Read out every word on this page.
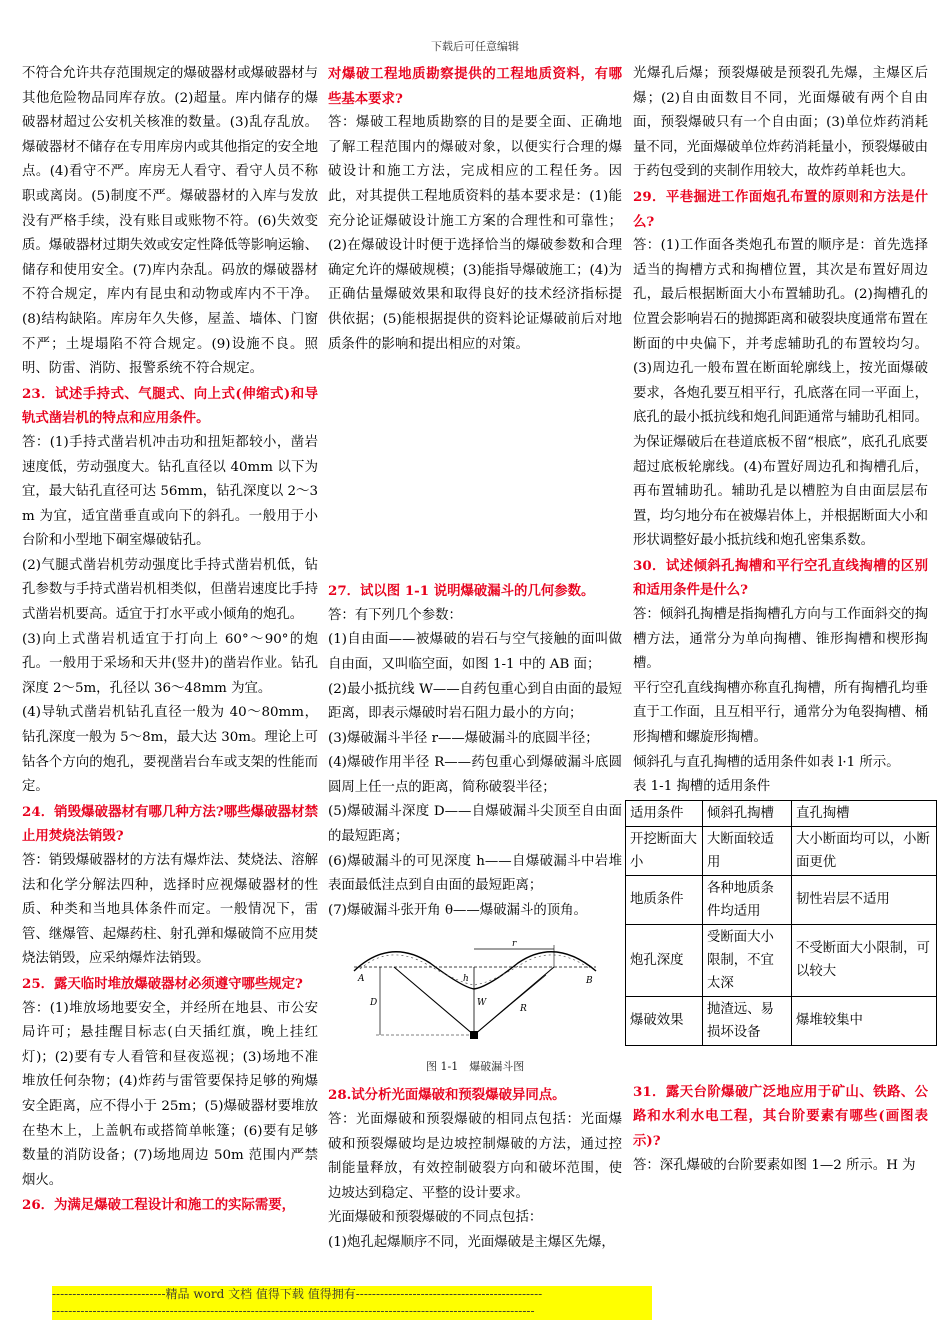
下载后可任意编辑

不符合允许共存范围规定的爆破器材或爆破器材与其他危险物品同库存放。(2)超量。库内储存的爆破器材超过公安机关核准的数量。(3)乱存乱放。爆破器材不储存在专用库房内或其他指定的安全地点。(4)看守不严。库房无人看守、看守人员不称职或离岗。(5)制度不严。爆破器材的入库与发放没有严格手续，没有账目或账物不符。(6)失效变质。爆破器材过期失效或安定性降低等影响运输、储存和使用安全。(7)库内杂乱。码放的爆破器材不符合规定，库内有昆虫和动物或库内不干净。(8)结构缺陷。库房年久失修，屋盖、墙体、门窗不严；土堤塌陷不符合规定。(9)设施不良。照明、防雷、消防、报警系统不符合规定。

23．试述手持式、气腿式、向上式(伸缩式)和导轨式凿岩机的特点和应用条件。

答：(1)手持式凿岩机冲击功和扭矩都较小，凿岩速度低，劳动强度大。钻孔直径以 40mm 以下为宜，最大钻孔直径可达 56mm，钻孔深度以 2～3m 为宜，适宜凿垂直或向下的斜孔。一般用于小台阶和小型地下硐室爆破钻孔。

(2)气腿式凿岩机劳动强度比手持式凿岩机低，钻孔参数与手持式凿岩机相类似，但凿岩速度比手持式凿岩机要高。适宜于打水平或小倾角的炮孔。

(3)向上式凿岩机适宜于打向上 60°～90°的炮孔。一般用于采场和天井(竖井)的凿岩作业。钻孔深度 2～5m，孔径以 36～48mm 为宜。

(4)导轨式凿岩机钻孔直径一般为 40～80mm，钻孔深度一般为 5～8m，最大达 30m。理论上可钻各个方向的炮孔，要视凿岩台车或支架的性能而定。

24．销毁爆破器材有哪几种方法?哪些爆破器材禁止用焚烧法销毁?

答：销毁爆破器材的方法有爆炸法、焚烧法、溶解法和化学分解法四种，选择时应视爆破器材的性质、种类和当地具体条件而定。一般情况下，雷管、继爆管、起爆药柱、射孔弹和爆破筒不应用焚烧法销毁，应采纳爆炸法销毁。

25．露天临时堆放爆破器材必须遵守哪些规定?

答：(1)堆放场地要安全，并经所在地县、市公安局许可；悬挂醒目标志(白天插红旗，晚上挂红灯)；(2)要有专人看管和昼夜巡视；(3)场地不准堆放任何杂物；(4)炸药与雷管要保持足够的殉爆安全距离，应不得小于 25m；(5)爆破器材要堆放在垫木上，上盖帆布或搭简单帐篷；(6)要有足够数量的消防设备；(7)场地周边 50m 范围内严禁烟火。

26．为满足爆破工程设计和施工的实际需要，

对爆破工程地质勘察提供的工程地质资料，有哪些基本要求?

答：爆破工程地质勘察的目的是要全面、正确地了解工程范围内的爆破对象，以便实行合理的爆破设计和施工方法，完成相应的工程任务。因此，对其提供工程地质资料的基本要求是：(1)能充分论证爆破设计施工方案的合理性和可靠性；(2)在爆破设计时便于选择恰当的爆破参数和合理确定允许的爆破规模；(3)能指导爆破施工；(4)为正确估量爆破效果和取得良好的技术经济指标提供依据；(5)能根据提供的资料论证爆破前后对地质条件的影响和提出相应的对策。

27．试以图 1-1 说明爆破漏斗的几何参数。

答：有下列几个参数：

(1)自由面——被爆破的岩石与空气接触的面叫做自由面，又叫临空面，如图 1-1 中的 AB 面；

(2)最小抵抗线 W——自药包重心到自由面的最短距离，即表示爆破时岩石阻力最小的方向；

(3)爆破漏斗半径 r——爆破漏斗的底圆半径；

(4)爆破作用半径 R——药包重心到爆破漏斗底圆圆周上任一点的距离，简称破裂半径；

(5)爆破漏斗深度 D——自爆破漏斗尖顶至自由面的最短距离；

(6)爆破漏斗的可见深度 h——自爆破漏斗中岩堆表面最低洼点到自由面的最短距离；

(7)爆破漏斗张开角 θ——爆破漏斗的顶角。

A	B
r
W
D
h
R
图 1-1　爆破漏斗图

28.试分析光面爆破和预裂爆破异同点。

答：光面爆破和预裂爆破的相同点包括：光面爆破和预裂爆破均是边坡控制爆破的方法，通过控制能量释放，有效控制破裂方向和破坏范围，使边坡达到稳定、平整的设计要求。

光面爆破和预裂爆破的不同点包括：

(1)炮孔起爆顺序不同，光面爆破是主爆区先爆，

光爆孔后爆；预裂爆破是预裂孔先爆，主爆区后爆；(2)自由面数目不同，光面爆破有两个自由面，预裂爆破只有一个自由面；(3)单位炸药消耗量不同，光面爆破单位炸药消耗量小，预裂爆破由于药包受到的夹制作用较大，故炸药单耗也大。

29．平巷掘进工作面炮孔布置的原则和方法是什么?

答：(1)工作面各类炮孔布置的顺序是：首先选择适当的掏槽方式和掏槽位置，其次是布置好周边孔，最后根据断面大小布置辅助孔。(2)掏槽孔的位置会影响岩石的抛掷距离和破裂块度通常布置在断面的中央偏下，并考虑辅助孔的布置较均匀。(3)周边孔一般布置在断面轮廓线上，按光面爆破要求，各炮孔要互相平行，孔底落在同一平面上，底孔的最小抵抗线和炮孔间距通常与辅助孔相同。为保证爆破后在巷道底板不留“根底”，底孔孔底要超过底板轮廓线。(4)布置好周边孔和掏槽孔后，再布置辅助孔。辅助孔是以槽腔为自由面层层布置，均匀地分布在被爆岩体上，并根据断面大小和形状调整好最小抵抗线和炮孔密集系数。

30．试述倾斜孔掏槽和平行空孔直线掏槽的区别和适用条件是什么?

答：倾斜孔掏槽是指掏槽孔方向与工作面斜交的掏槽方法，通常分为单向掏槽、锥形掏槽和楔形掏槽。

平行空孔直线掏槽亦称直孔掏槽，所有掏槽孔均垂直于工作面，且互相平行，通常分为龟裂掏槽、桶形掏槽和螺旋形掏槽。

倾斜孔与直孔掏槽的适用条件如表 l·1 所示。

表 1-1 掏槽的适用条件

适用条件	倾斜孔掏槽	直孔掏槽
开挖断面大小	大断面较适用	大小断面均可以，小断面更优
地质条件	各种地质条件均适用	韧性岩层不适用
炮孔深度	受断面大小限制，不宜太深	不受断面大小限制，可以较大
爆破效果	抛渣远、易损坏设备	爆堆较集中

31．露天台阶爆破广泛地应用于矿山、铁路、公路和水利水电工程，其台阶要素有哪些(画图表示)?

答：深孔爆破的台阶要素如图 1—2 所示。H 为

----------------------------精品 word 文档 值得下载 值得拥有----------------------------------------------
-----------------------------------------------------------------------------------------------------------------------
